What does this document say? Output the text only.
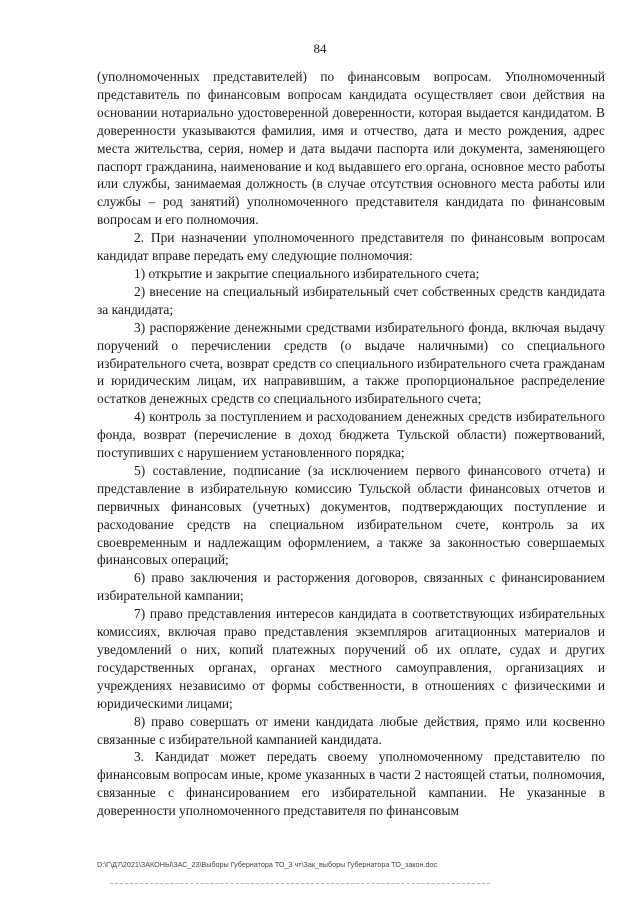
84

(уполномоченных представителей) по финансовым вопросам. Уполномоченный представитель по финансовым вопросам кандидата осуществляет свои действия на основании нотариально удостоверенной доверенности, которая выдается кандидатом. В доверенности указываются фамилия, имя и отчество, дата и место рождения, адрес места жительства, серия, номер и дата выдачи паспорта или документа, заменяющего паспорт гражданина, наименование и код выдавшего его органа, основное место работы или службы, занимаемая должность (в случае отсутствия основного места работы или службы – род занятий) уполномоченного представителя кандидата по финансовым вопросам и его полномочия.

2. При назначении уполномоченного представителя по финансовым вопросам кандидат вправе передать ему следующие полномочия:

1) открытие и закрытие специального избирательного счета;

2) внесение на специальный избирательный счет собственных средств кандидата за кандидата;

3) распоряжение денежными средствами избирательного фонда, включая выдачу поручений о перечислении средств (о выдаче наличными) со специального избирательного счета, возврат средств со специального избирательного счета гражданам и юридическим лицам, их направившим, а также пропорциональное распределение остатков денежных средств со специального избирательного счета;

4) контроль за поступлением и расходованием денежных средств избирательного фонда, возврат (перечисление в доход бюджета Тульской области) пожертвований, поступивших с нарушением установленного порядка;

5) составление, подписание (за исключением первого финансового отчета) и представление в избирательную комиссию Тульской области финансовых отчетов и первичных финансовых (учетных) документов, подтверждающих поступление и расходование средств на специальном избирательном счете, контроль за их своевременным и надлежащим оформлением, а также за законностью совершаемых финансовых операций;

6) право заключения и расторжения договоров, связанных с финансированием избирательной кампании;

7) право представления интересов кандидата в соответствующих избирательных комиссиях, включая право представления экземпляров агитационных материалов и уведомлений о них, копий платежных поручений об их оплате, судах и других государственных органах, органах местного самоуправления, организациях и учреждениях независимо от формы собственности, в отношениях с физическими и юридическими лицами;

8) право совершать от имени кандидата любые действия, прямо или косвенно связанные с избирательной кампанией кандидата.

3. Кандидат может передать своему уполномоченному представителю по финансовым вопросам иные, кроме указанных в части 2 настоящей статьи, полномочия, связанные с финансированием его избирательной кампании. Не указанные в доверенности уполномоченного представителя по финансовым

D:\Г\Д7\2021\ЗАКОНЫ\ЗАС_23\Выборы Губернатора ТО_3 чт\Зак_выборы Губернатора ТО_закон.doc
